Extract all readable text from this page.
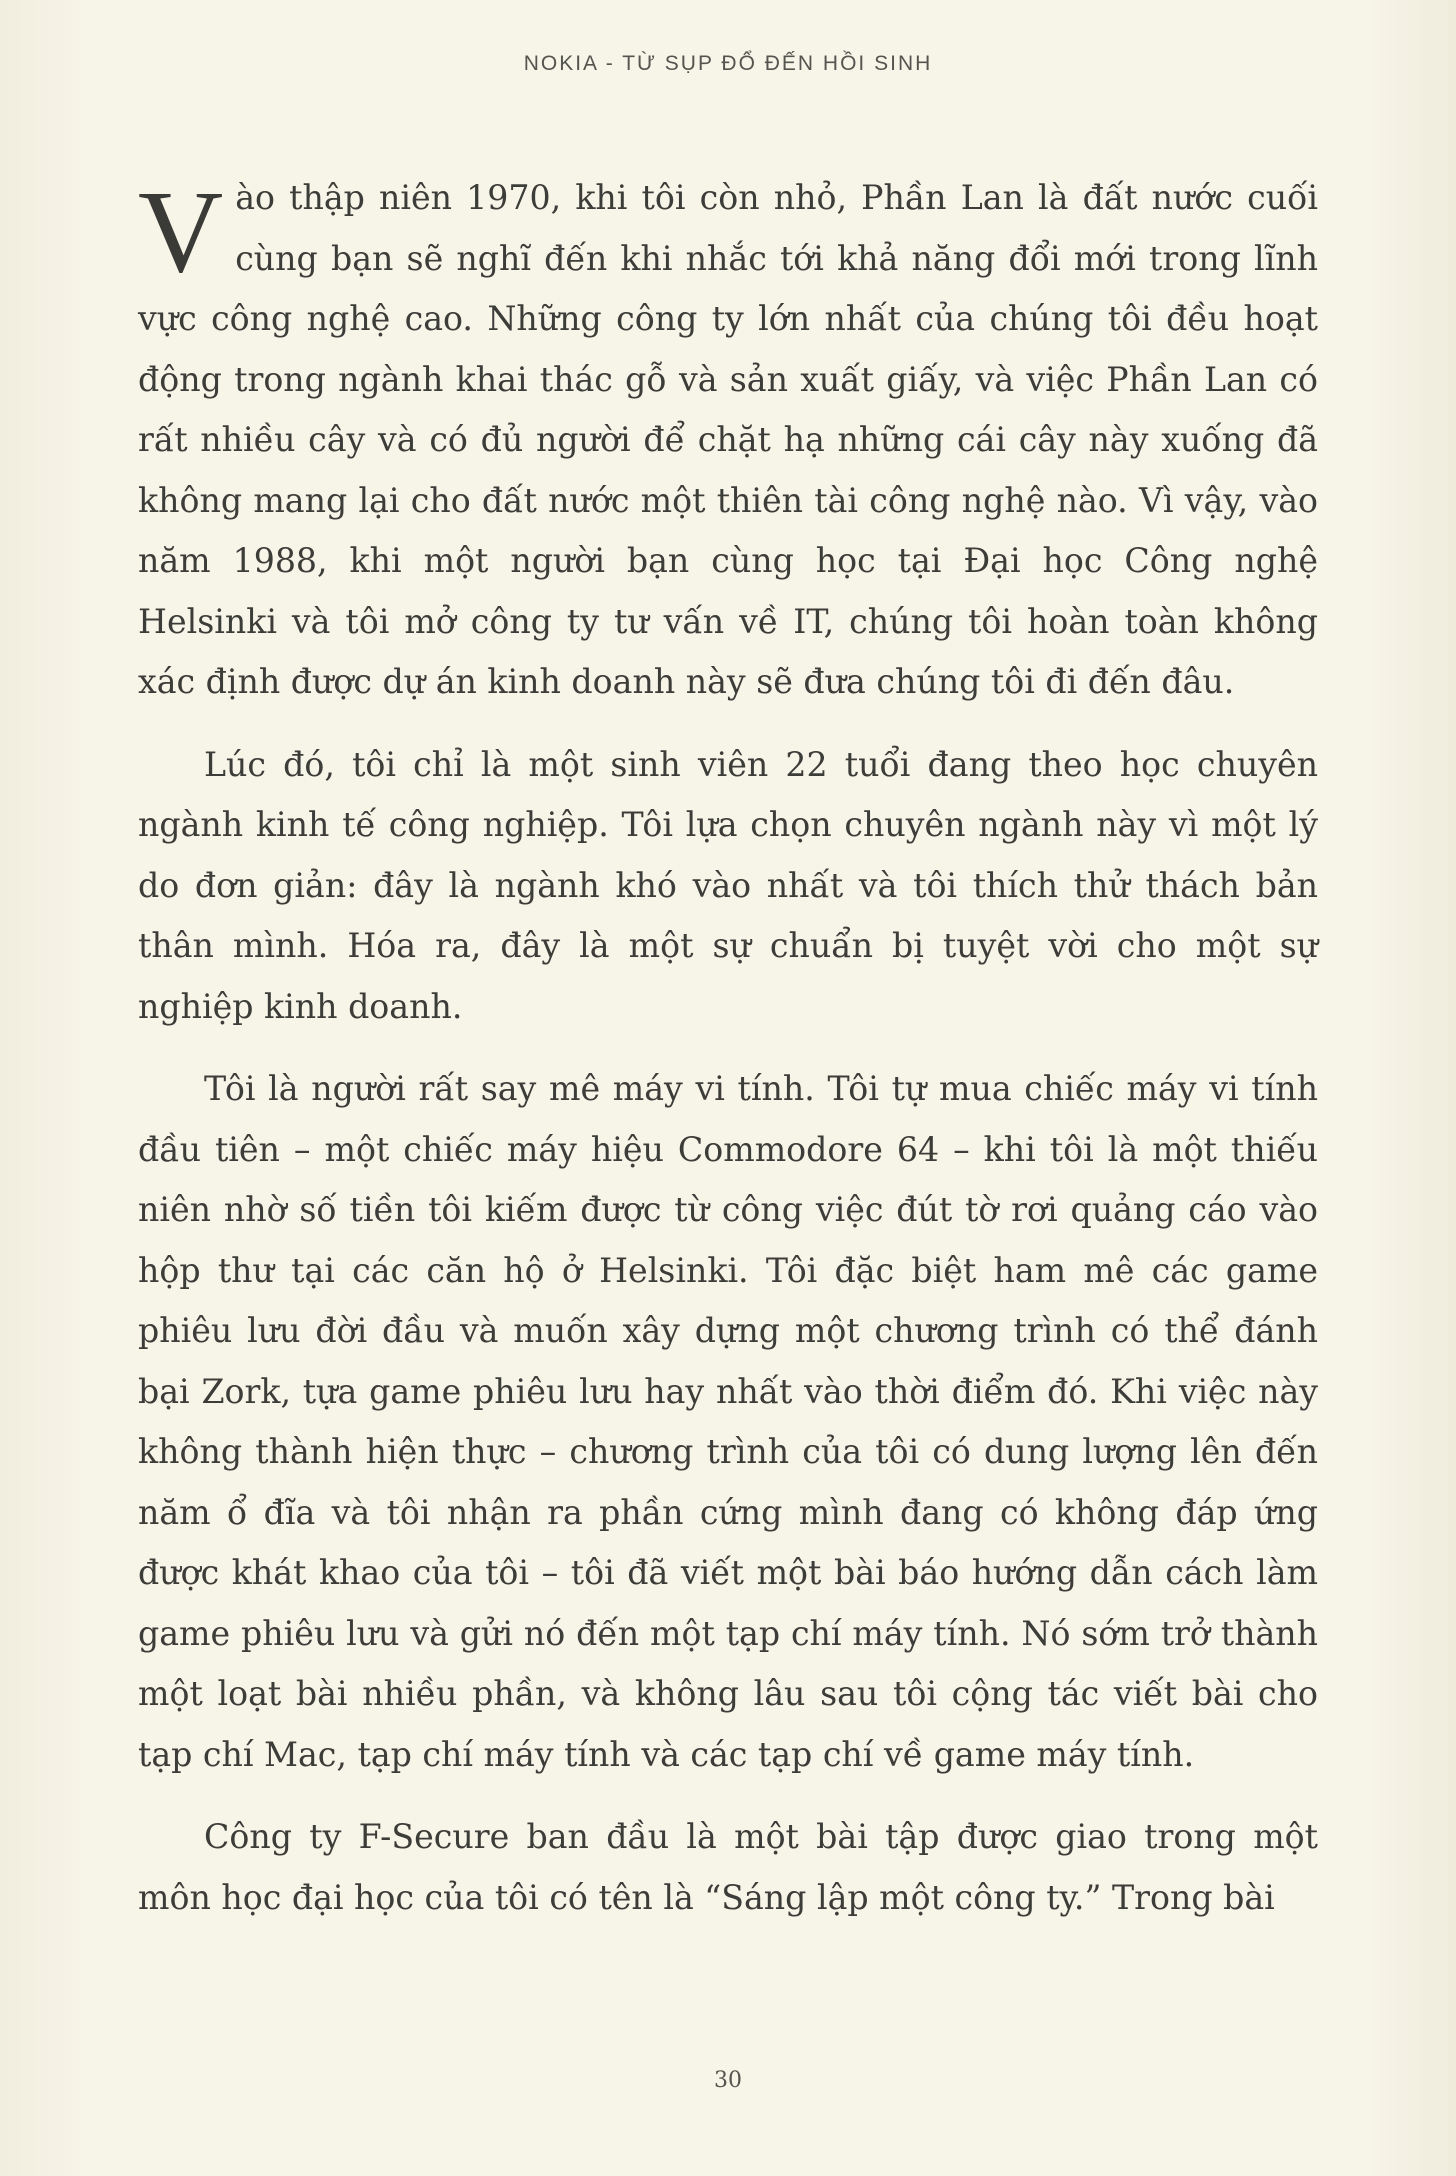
NOKIA - TỪ SỤP ĐỔ ĐẾN HỒI SINH

Vào thập niên 1970, khi tôi còn nhỏ, Phần Lan là đất nước cuối cùng bạn sẽ nghĩ đến khi nhắc tới khả năng đổi mới trong lĩnh vực công nghệ cao. Những công ty lớn nhất của chúng tôi đều hoạt động trong ngành khai thác gỗ và sản xuất giấy, và việc Phần Lan có rất nhiều cây và có đủ người để chặt hạ những cái cây này xuống đã không mang lại cho đất nước một thiên tài công nghệ nào. Vì vậy, vào năm 1988, khi một người bạn cùng học tại Đại học Công nghệ Helsinki và tôi mở công ty tư vấn về IT, chúng tôi hoàn toàn không xác định được dự án kinh doanh này sẽ đưa chúng tôi đi đến đâu.

Lúc đó, tôi chỉ là một sinh viên 22 tuổi đang theo học chuyên ngành kinh tế công nghiệp. Tôi lựa chọn chuyên ngành này vì một lý do đơn giản: đây là ngành khó vào nhất và tôi thích thử thách bản thân mình. Hóa ra, đây là một sự chuẩn bị tuyệt vời cho một sự nghiệp kinh doanh.

Tôi là người rất say mê máy vi tính. Tôi tự mua chiếc máy vi tính đầu tiên – một chiếc máy hiệu Commodore 64 – khi tôi là một thiếu niên nhờ số tiền tôi kiếm được từ công việc đút tờ rơi quảng cáo vào hộp thư tại các căn hộ ở Helsinki. Tôi đặc biệt ham mê các game phiêu lưu đời đầu và muốn xây dựng một chương trình có thể đánh bại Zork, tựa game phiêu lưu hay nhất vào thời điểm đó. Khi việc này không thành hiện thực – chương trình của tôi có dung lượng lên đến năm ổ đĩa và tôi nhận ra phần cứng mình đang có không đáp ứng được khát khao của tôi – tôi đã viết một bài báo hướng dẫn cách làm game phiêu lưu và gửi nó đến một tạp chí máy tính. Nó sớm trở thành một loạt bài nhiều phần, và không lâu sau tôi cộng tác viết bài cho tạp chí Mac, tạp chí máy tính và các tạp chí về game máy tính.

Công ty F-Secure ban đầu là một bài tập được giao trong một môn học đại học của tôi có tên là “Sáng lập một công ty.” Trong bài

30
